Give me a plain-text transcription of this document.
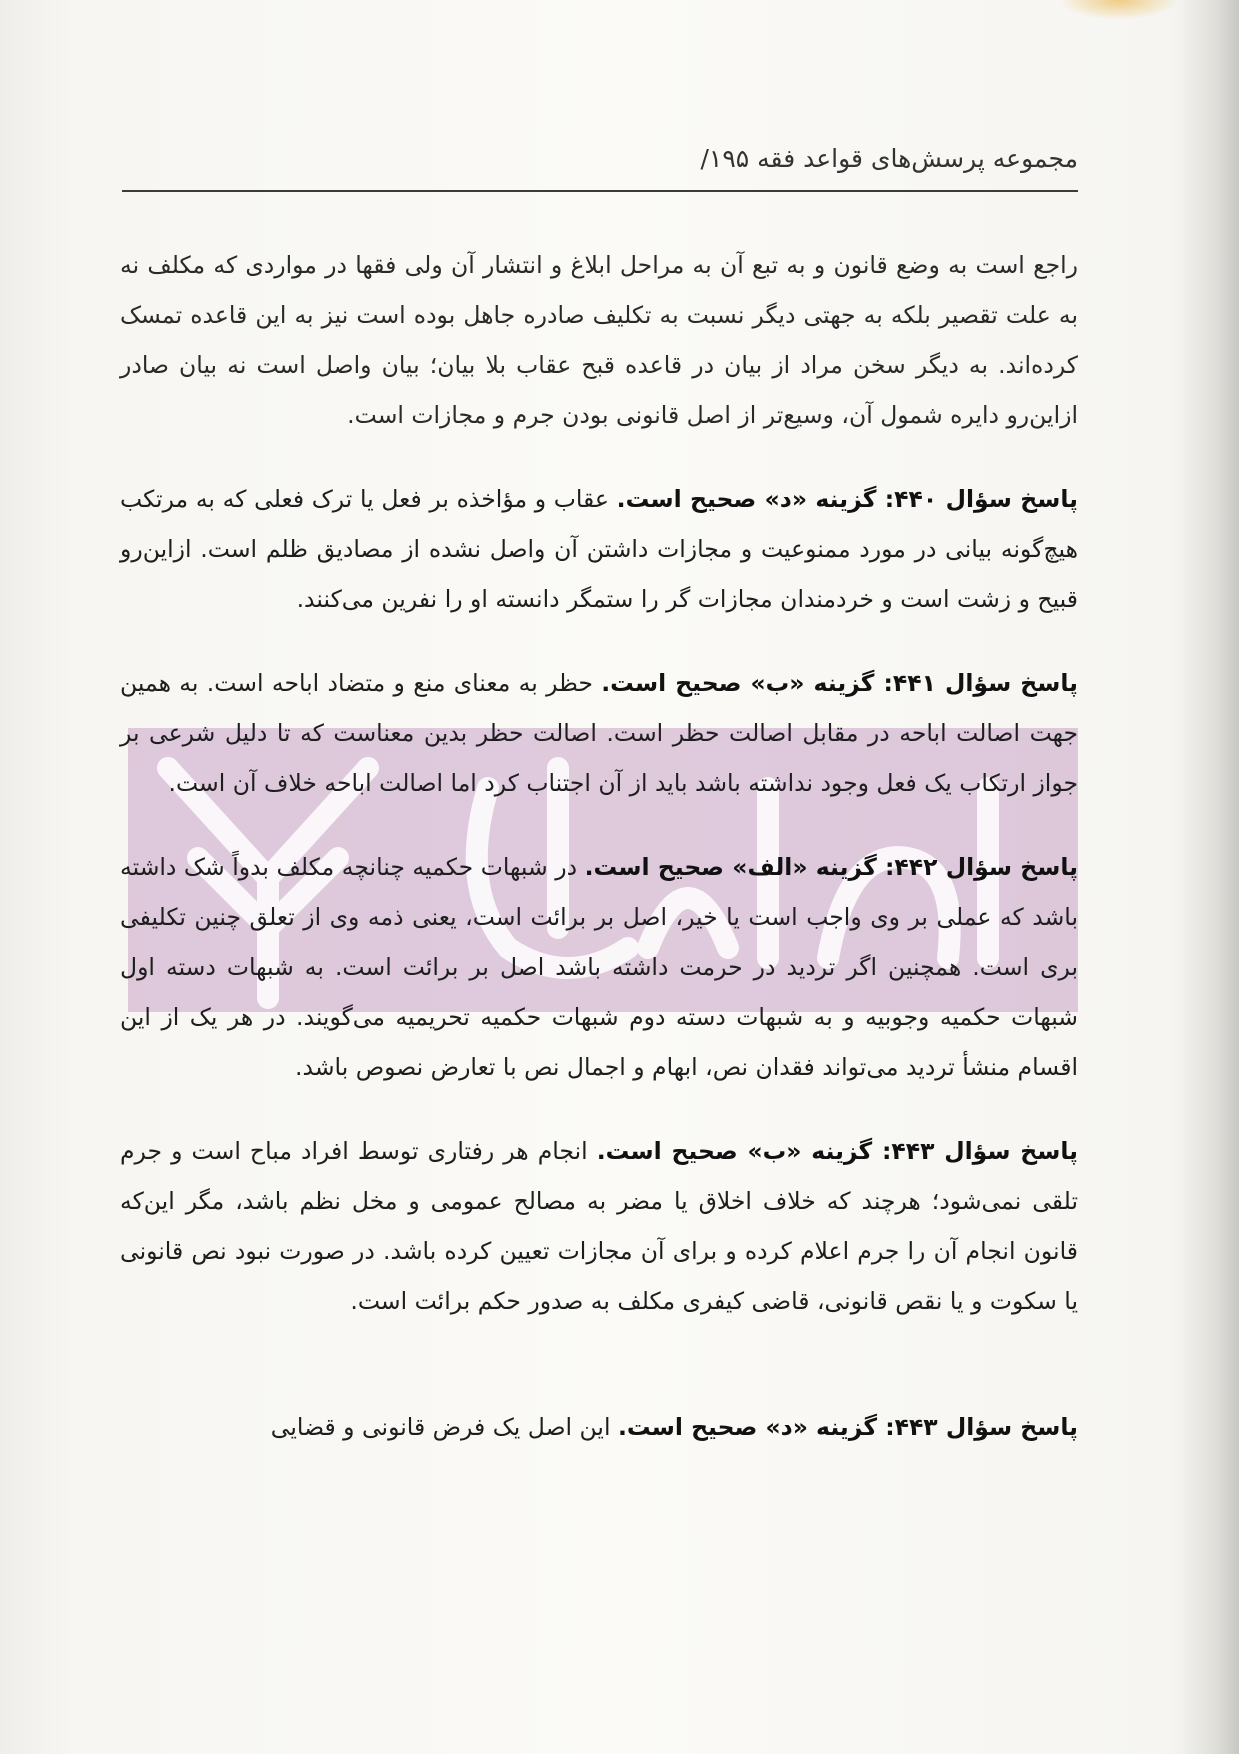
مجموعه پرسش‌های قواعد فقه ۱۹۵/

راجع است به وضع قانون و به تبع آن به مراحل ابلاغ و انتشار آن ولی فقها در مواردی که مکلف نه به علت تقصیر بلکه به جهتی دیگر نسبت به تکلیف صادره جاهل بوده است نیز به این قاعده تمسک کرده‌اند. به دیگر سخن مراد از بیان در قاعده قبح عقاب بلا بیان؛ بیان واصل است نه بیان صادر ازاین‌رو دایره شمول آن، وسیع‌تر از اصل قانونی بودن جرم و مجازات است.

پاسخ سؤال ۴۴۰: گزینه «د» صحیح است. عقاب و مؤاخذه بر فعل یا ترک فعلی که به مرتکب هیچ‌گونه بیانی در مورد ممنوعیت و مجازات داشتن آن واصل نشده از مصادیق ظلم است. ازاین‌رو قبیح و زشت است و خردمندان مجازات گر را ستمگر دانسته او را نفرین می‌کنند.

پاسخ سؤال ۴۴۱: گزینه «ب» صحیح است. حظر به معنای منع و متضاد اباحه است. به همین جهت اصالت اباحه در مقابل اصالت حظر است. اصالت حظر بدین معناست که تا دلیل شرعی بر جواز ارتکاب یک فعل وجود نداشته باشد باید از آن اجتناب کرد اما اصالت اباحه خلاف آن است.

پاسخ سؤال ۴۴۲: گزینه «الف» صحیح است. در شبهات حکمیه چنانچه مکلف بدواً شک داشته باشد که عملی بر وی واجب است یا خیر، اصل بر برائت است، یعنی ذمه وی از تعلق چنین تکلیفی بری است. همچنین اگر تردید در حرمت داشته باشد اصل بر برائت است. به شبهات دسته اول شبهات حکمیه وجوبیه و به شبهات دسته دوم شبهات حکمیه تحریمیه می‌گویند. در هر یک از این اقسام منشأ تردید می‌تواند فقدان نص، ابهام و اجمال نص با تعارض نصوص باشد.

پاسخ سؤال ۴۴۳: گزینه «ب» صحیح است. انجام هر رفتاری توسط افراد مباح است و جرم تلقی نمی‌شود؛ هرچند که خلاف اخلاق یا مضر به مصالح عمومی و مخل نظم باشد، مگر این‌که قانون انجام آن را جرم اعلام کرده و برای آن مجازات تعیین کرده باشد. در صورت نبود نص قانونی یا سکوت و یا نقص قانونی، قاضی کیفری مکلف به صدور حکم برائت است.

پاسخ سؤال ۴۴۳: گزینه «د» صحیح است. این اصل یک فرض قانونی و قضایی
